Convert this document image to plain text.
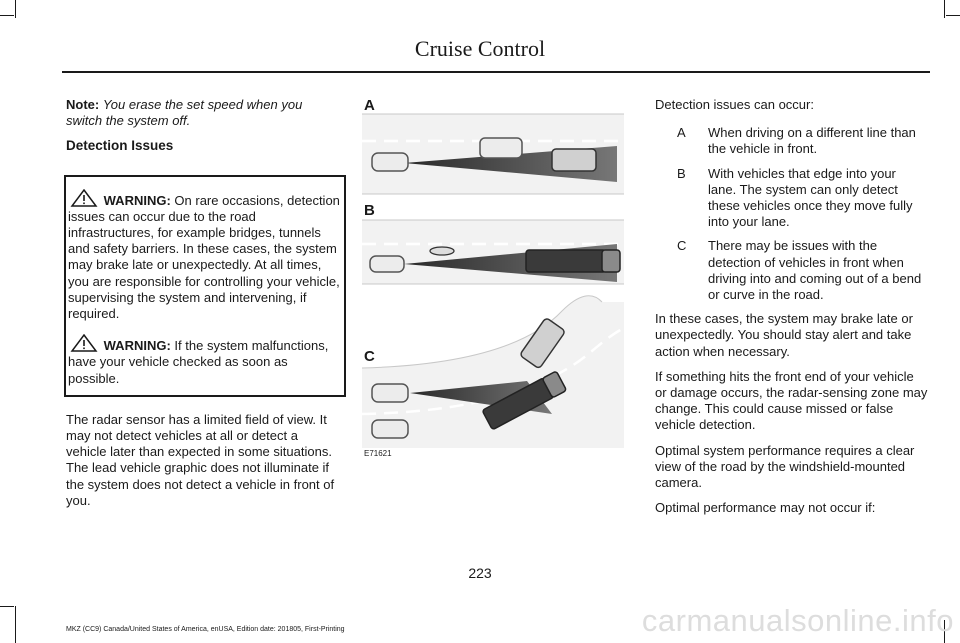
Cruise Control

Note: You erase the set speed when you switch the system off.

Detection Issues

WARNING: On rare occasions, detection issues can occur due to the road infrastructures, for example bridges, tunnels and safety barriers. In these cases, the system may brake late or unexpectedly. At all times, you are responsible for controlling your vehicle, supervising the system and intervening, if required.

WARNING: If the system malfunctions, have your vehicle checked as soon as possible.

The radar sensor has a limited field of view. It may not detect vehicles at all or detect a vehicle later than expected in some situations. The lead vehicle graphic does not illuminate if the system does not detect a vehicle in front of you.

A
B
C
E71621

Detection issues can occur:

A	When driving on a different line than the vehicle in front.
B	With vehicles that edge into your lane. The system can only detect these vehicles once they move fully into your lane.
C	There may be issues with the detection of vehicles in front when driving into and coming out of a bend or curve in the road.

In these cases, the system may brake late or unexpectedly. You should stay alert and take action when necessary.

If something hits the front end of your vehicle or damage occurs, the radar-sensing zone may change. This could cause missed or false vehicle detection.

Optimal system performance requires a clear view of the road by the windshield-mounted camera.

Optimal performance may not occur if:

223
MKZ (CC9) Canada/United States of America, enUSA, Edition date: 201805, First-Printing	carmanualsonline.info
